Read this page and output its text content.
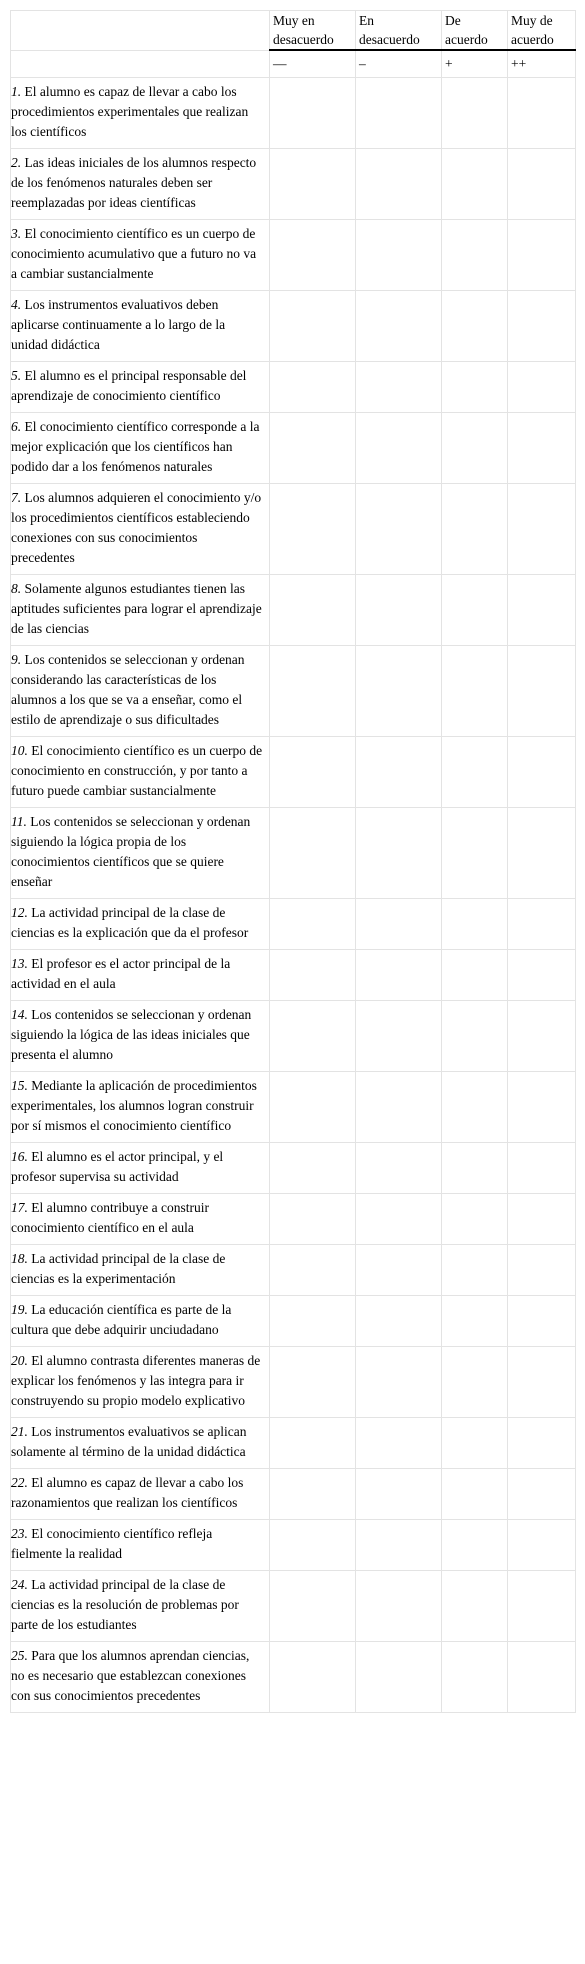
	Muy en desacuerdo	En desacuerdo	De acuerdo	Muy de acuerdo
	—	–	+	++
1. El alumno es capaz de llevar a cabo los procedimientos experimentales que realizan los científicos				
2. Las ideas iniciales de los alumnos respecto de los fenómenos naturales deben ser reemplazadas por ideas científicas				
3. El conocimiento científico es un cuerpo de conocimiento acumulativo que a futuro no va a cambiar sustancialmente				
4. Los instrumentos evaluativos deben aplicarse continuamente a lo largo de la unidad didáctica				
5. El alumno es el principal responsable del aprendizaje de conocimiento científico				
6. El conocimiento científico corresponde a la mejor explicación que los científicos han podido dar a los fenómenos naturales				
7. Los alumnos adquieren el conocimiento y/o los procedimientos científicos estableciendo conexiones con sus conocimientos precedentes				
8. Solamente algunos estudiantes tienen las aptitudes suficientes para lograr el aprendizaje de las ciencias				
9. Los contenidos se seleccionan y ordenan considerando las características de los alumnos a los que se va a enseñar, como el estilo de aprendizaje o sus dificultades				
10. El conocimiento científico es un cuerpo de conocimiento en construcción, y por tanto a futuro puede cambiar sustancialmente				
11. Los contenidos se seleccionan y ordenan siguiendo la lógica propia de los conocimientos científicos que se quiere enseñar				
12. La actividad principal de la clase de ciencias es la explicación que da el profesor				
13. El profesor es el actor principal de la actividad en el aula				
14. Los contenidos se seleccionan y ordenan siguiendo la lógica de las ideas iniciales que presenta el alumno				
15. Mediante la aplicación de procedimientos experimentales, los alumnos logran construir por sí mismos el conocimiento científico				
16. El alumno es el actor principal, y el profesor supervisa su actividad				
17. El alumno contribuye a construir conocimiento científico en el aula				
18. La actividad principal de la clase de ciencias es la experimentación				
19. La educación científica es parte de la cultura que debe adquirir unciudadano				
20. El alumno contrasta diferentes maneras de explicar los fenómenos y las integra para ir construyendo su propio modelo explicativo				
21. Los instrumentos evaluativos se aplican solamente al término de la unidad didáctica				
22. El alumno es capaz de llevar a cabo los razonamientos que realizan los científicos				
23. El conocimiento científico refleja fielmente la realidad				
24. La actividad principal de la clase de ciencias es la resolución de problemas por parte de los estudiantes				
25. Para que los alumnos aprendan ciencias, no es necesario que establezcan conexiones con sus conocimientos precedentes				
